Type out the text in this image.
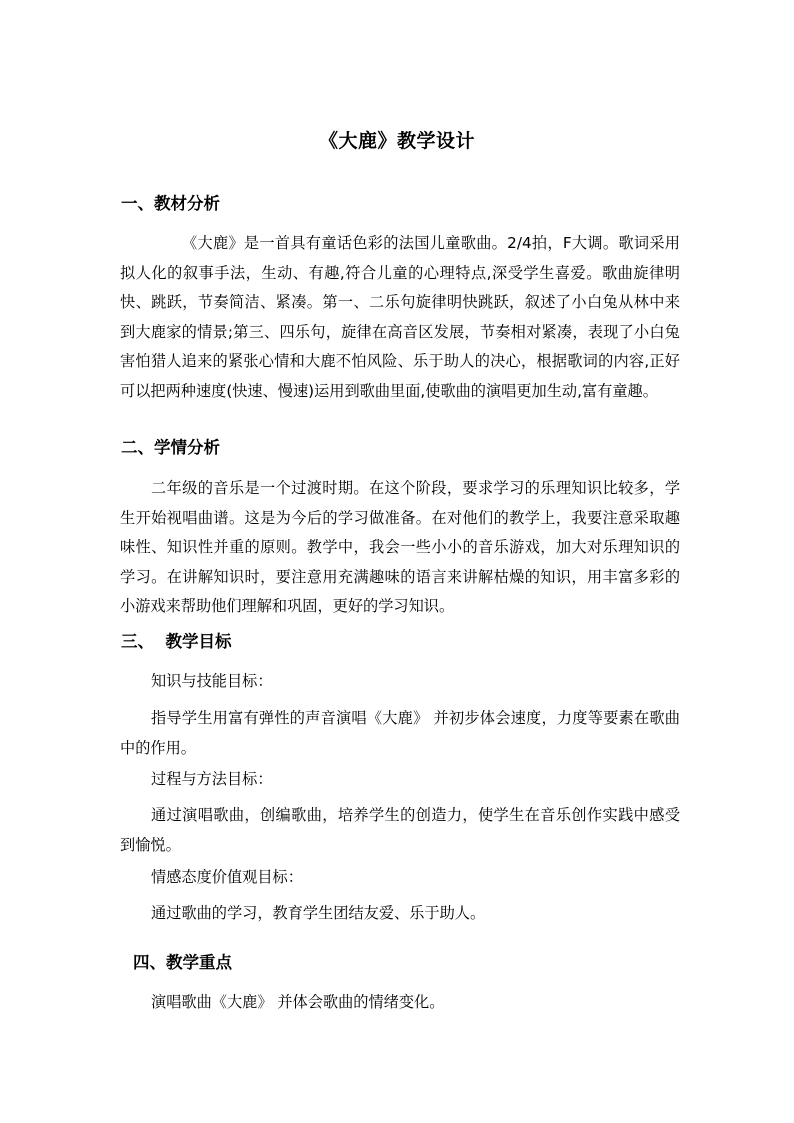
《大鹿》教学设计
一、教材分析

《大鹿》是一首具有童话色彩的法国儿童歌曲。2/4拍，F大调。歌词采用拟人化的叙事手法，生动、有趣,符合儿童的心理特点,深受学生喜爱。歌曲旋律明快、跳跃，节奏简洁、紧凑。第一、二乐句旋律明快跳跃，叙述了小白兔从林中来到大鹿家的情景;第三、四乐句，旋律在高音区发展，节奏相对紧凑，表现了小白兔害怕猎人追来的紧张心情和大鹿不怕风险、乐于助人的决心，根据歌词的内容,正好可以把两种速度(快速、慢速)运用到歌曲里面,使歌曲的演唱更加生动,富有童趣。

二、学情分析

二年级的音乐是一个过渡时期。在这个阶段，要求学习的乐理知识比较多，学生开始视唱曲谱。这是为今后的学习做准备。在对他们的教学上，我要注意采取趣味性、知识性并重的原则。教学中，我会一些小小的音乐游戏，加大对乐理知识的学习。在讲解知识时，要注意用充满趣味的语言来讲解枯燥的知识，用丰富多彩的小游戏来帮助他们理解和巩固，更好的学习知识。

三、  教学目标

知识与技能目标：

指导学生用富有弹性的声音演唱《大鹿》 并初步体会速度，力度等要素在歌曲中的作用。

过程与方法目标：

通过演唱歌曲，创编歌曲，培养学生的创造力，使学生在音乐创作实践中感受到愉悦。

情感态度价值观目标：

通过歌曲的学习，教育学生团结友爱、乐于助人。

四、教学重点

演唱歌曲《大鹿》 并体会歌曲的情绪变化。
